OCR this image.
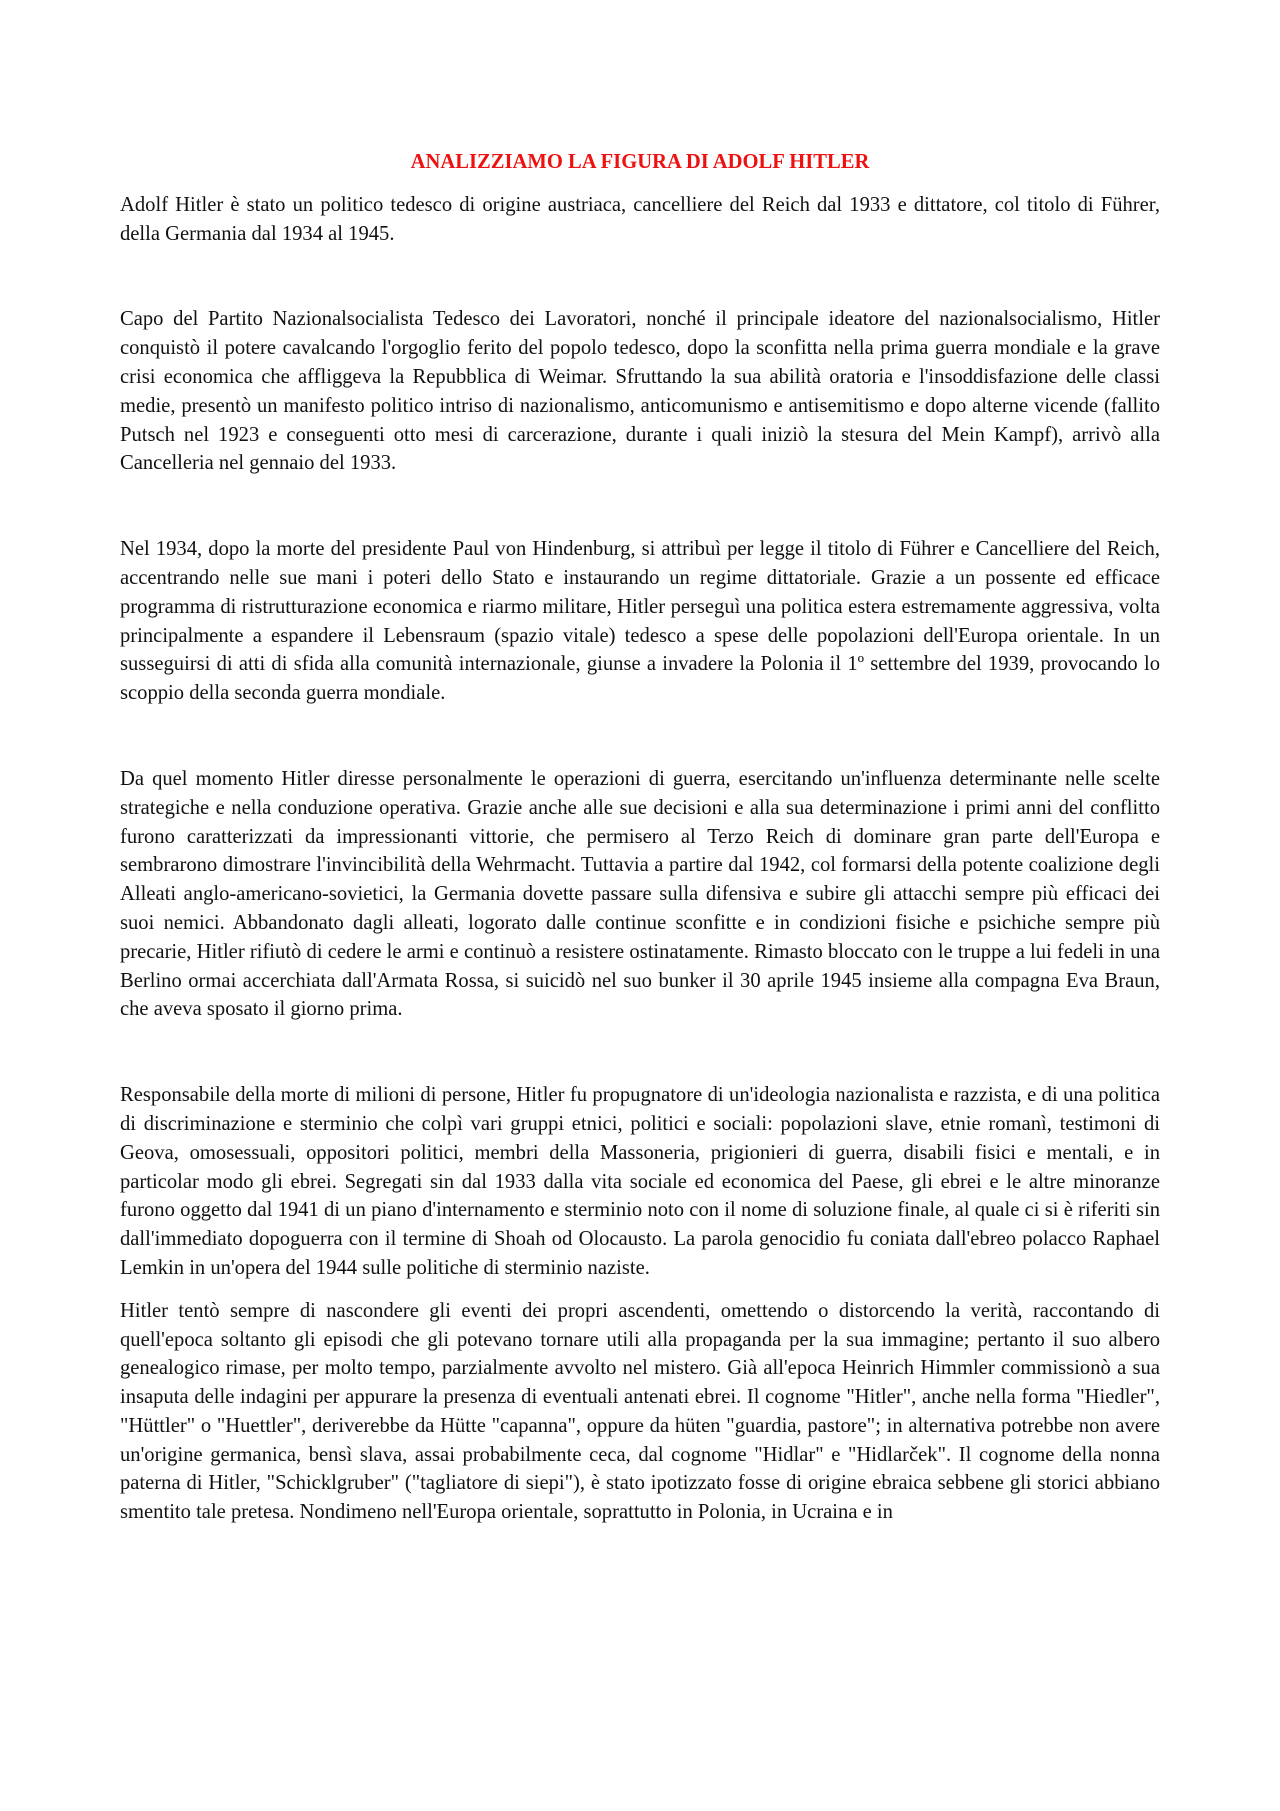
ANALIZZIAMO LA FIGURA DI ADOLF HITLER

Adolf Hitler è stato un politico tedesco di origine austriaca, cancelliere del Reich dal 1933 e dittatore, col titolo di Führer, della Germania dal 1934 al 1945.

Capo del Partito Nazionalsocialista Tedesco dei Lavoratori, nonché il principale ideatore del nazionalsocialismo, Hitler conquistò il potere cavalcando l'orgoglio ferito del popolo tedesco, dopo la sconfitta nella prima guerra mondiale e la grave crisi economica che affliggeva la Repubblica di Weimar. Sfruttando la sua abilità oratoria e l'insoddisfazione delle classi medie, presentò un manifesto politico intriso di nazionalismo, anticomunismo e antisemitismo e dopo alterne vicende (fallito Putsch nel 1923 e conseguenti otto mesi di carcerazione, durante i quali iniziò la stesura del Mein Kampf), arrivò alla Cancelleria nel gennaio del 1933.

Nel 1934, dopo la morte del presidente Paul von Hindenburg, si attribuì per legge il titolo di Führer e Cancelliere del Reich, accentrando nelle sue mani i poteri dello Stato e instaurando un regime dittatoriale. Grazie a un possente ed efficace programma di ristrutturazione economica e riarmo militare, Hitler perseguì una politica estera estremamente aggressiva, volta principalmente a espandere il Lebensraum (spazio vitale) tedesco a spese delle popolazioni dell'Europa orientale. In un susseguirsi di atti di sfida alla comunità internazionale, giunse a invadere la Polonia il 1º settembre del 1939, provocando lo scoppio della seconda guerra mondiale.

Da quel momento Hitler diresse personalmente le operazioni di guerra, esercitando un'influenza determinante nelle scelte strategiche e nella conduzione operativa. Grazie anche alle sue decisioni e alla sua determinazione i primi anni del conflitto furono caratterizzati da impressionanti vittorie, che permisero al Terzo Reich di dominare gran parte dell'Europa e sembrarono dimostrare l'invincibilità della Wehrmacht. Tuttavia a partire dal 1942, col formarsi della potente coalizione degli Alleati anglo-americano-sovietici, la Germania dovette passare sulla difensiva e subire gli attacchi sempre più efficaci dei suoi nemici. Abbandonato dagli alleati, logorato dalle continue sconfitte e in condizioni fisiche e psichiche sempre più precarie, Hitler rifiutò di cedere le armi e continuò a resistere ostinatamente. Rimasto bloccato con le truppe a lui fedeli in una Berlino ormai accerchiata dall'Armata Rossa, si suicidò nel suo bunker il 30 aprile 1945 insieme alla compagna Eva Braun, che aveva sposato il giorno prima.

Responsabile della morte di milioni di persone, Hitler fu propugnatore di un'ideologia nazionalista e razzista, e di una politica di discriminazione e sterminio che colpì vari gruppi etnici, politici e sociali: popolazioni slave, etnie romanì, testimoni di Geova, omosessuali, oppositori politici, membri della Massoneria, prigionieri di guerra, disabili fisici e mentali, e in particolar modo gli ebrei. Segregati sin dal 1933 dalla vita sociale ed economica del Paese, gli ebrei e le altre minoranze furono oggetto dal 1941 di un piano d'internamento e sterminio noto con il nome di soluzione finale, al quale ci si è riferiti sin dall'immediato dopoguerra con il termine di Shoah od Olocausto. La parola genocidio fu coniata dall'ebreo polacco Raphael Lemkin in un'opera del 1944 sulle politiche di sterminio naziste.

Hitler tentò sempre di nascondere gli eventi dei propri ascendenti, omettendo o distorcendo la verità, raccontando di quell'epoca soltanto gli episodi che gli potevano tornare utili alla propaganda per la sua immagine; pertanto il suo albero genealogico rimase, per molto tempo, parzialmente avvolto nel mistero. Già all'epoca Heinrich Himmler commissionò a sua insaputa delle indagini per appurare la presenza di eventuali antenati ebrei. Il cognome "Hitler", anche nella forma "Hiedler", "Hüttler" o "Huettler", deriverebbe da Hütte "capanna", oppure da hüten "guardia, pastore"; in alternativa potrebbe non avere un'origine germanica, bensì slava, assai probabilmente ceca, dal cognome "Hidlar" e "Hidlarček". Il cognome della nonna paterna di Hitler, "Schicklgruber" ("tagliatore di siepi"), è stato ipotizzato fosse di origine ebraica sebbene gli storici abbiano smentito tale pretesa. Nondimeno nell'Europa orientale, soprattutto in Polonia, in Ucraina e in
